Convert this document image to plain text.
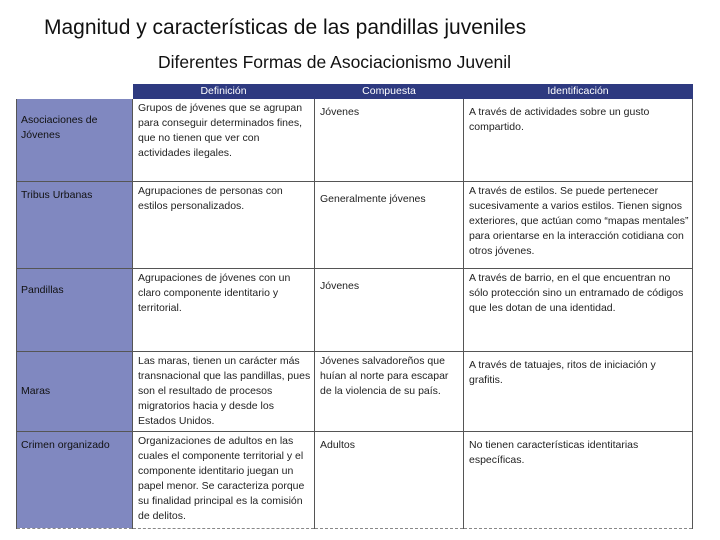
Magnitud y características de las pandillas juveniles
Diferentes Formas de Asociacionismo Juvenil
	Definición	Compuesta	Identificación

Asociaciones de Jóvenes	Grupos de jóvenes que se agrupan para conseguir determinados fines, que no tienen que ver con actividades ilegales.	Jóvenes	A través de actividades sobre un gusto compartido.

Tribus Urbanas	Agrupaciones de personas con estilos personalizados.	Generalmente jóvenes	A través de estilos. Se puede pertenecer sucesivamente a varios estilos. Tienen signos exteriores, que actúan como “mapas mentales” para orientarse en la interacción cotidiana con otros jóvenes.

Pandillas	Agrupaciones de jóvenes con un claro componente identitario y territorial.	Jóvenes	A través de barrio, en el que encuentran no sólo protección sino un entramado de códigos que les dotan de una identidad.

Maras	Las maras, tienen un carácter más transnacional que las pandillas, pues son el resultado de procesos migratorios hacia y desde los Estados Unidos.	Jóvenes salvadoreños que huían al norte para escapar de la violencia de su país.	A través de tatuajes, ritos de iniciación y grafitis.

Crimen organizado	Organizaciones de adultos en las cuales el componente territorial y el componente identitario juegan un papel menor. Se caracteriza porque su finalidad principal es la comisión de delitos.	Adultos	No tienen características identitarias específicas.
